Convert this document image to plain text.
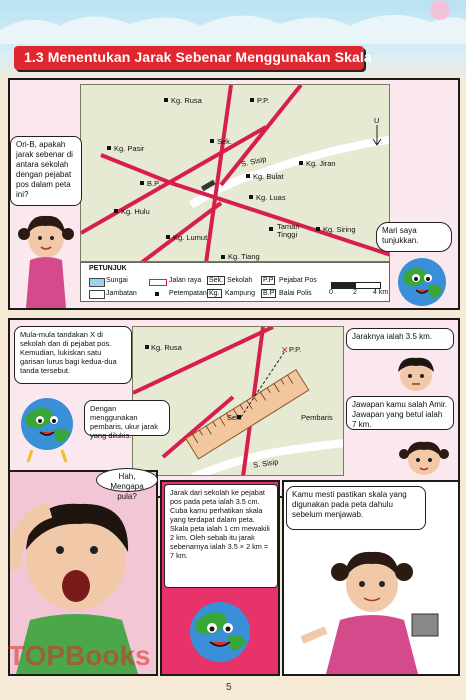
1.3 Menentukan Jarak Sebenar Menggunakan Skala
Kg. Rusa	P.P.
Sek.
Kg. Pasir
S. Sisip	Kg. Jiran
Kg. Bulat
B.P.
Kg. Luas
Kg. Hulu
Taman Tinggi
Kg. Siring
Kg. Lumut
Kg. Tiang
U
PETUNJUK
Sungai	Jalan raya Sek. Sekolah P.P Pejabat Pos
Jambatan	Petempatan Kg. Kampung B.P Balai Polis 0	2 4 km
Ori-B, apakah jarak sebenar di antara sekolah dengan pejabat pos dalam peta ini?
Mari saya tunjukkan.
✕
Kg. Rusa	P.P.
Sek.	Pembaris
S. Sisip
Mula-mula tandakan X di sekolah dan di pejabat pos. Kemudian, lukiskan satu garisan lurus bagi kedua-dua tanda tersebut.
Dengan menggunakan pembaris, ukur jarak yang dilukis.
Jaraknya ialah 3.5 km.
Jawapan kamu salah Amir. Jawapan yang betul ialah 7 km.
Hah, Mengapa pula?	Jarak dari sekolah ke pejabat pos pada peta ialah 3.5 cm. Cuba kamu perhatikan skala yang terdapat dalam peta. Skala peta ialah 1 cm mewakili 2 km. Oleh sebab itu jarak sebenarnya ialah 3.5 × 2 km = 7 km.
Kamu mesti pastikan skala yang digunakan pada peta dahulu sebelum menjawab.
5
TOPBooks
